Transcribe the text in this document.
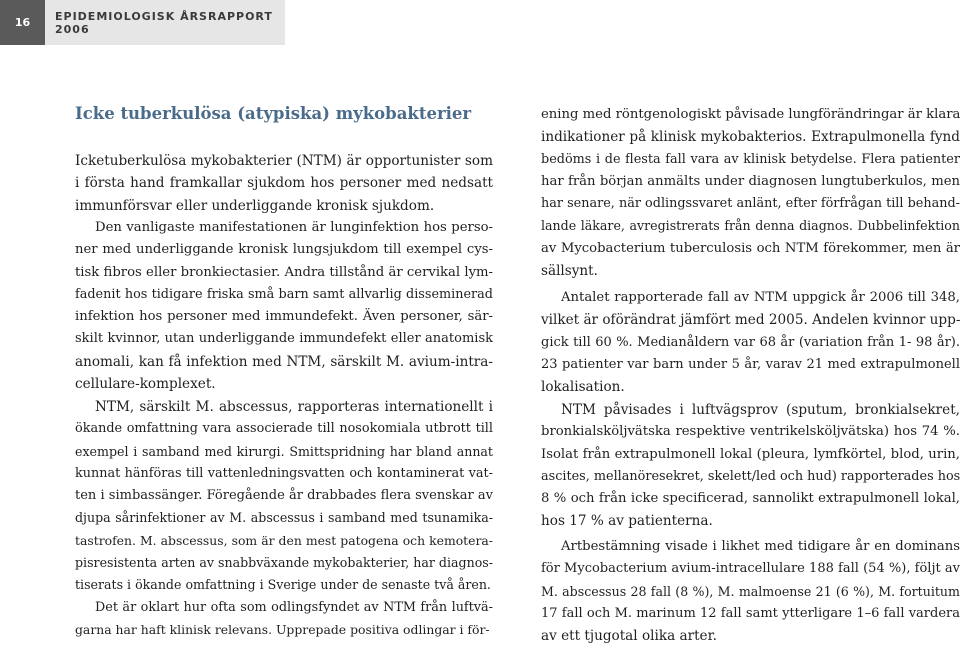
16	EPIDEMIOLOGISK ÅRSRAPPORT 2006
Icke tuberkulösa (atypiska) mykobakterier
Icketuberkulösa mykobakterier (NTM) är opportunister som
i första hand framkallar sjukdom hos personer med nedsatt
immunförsvar eller underliggande kronisk sjukdom.
Den vanligaste manifestationen är lunginfektion hos perso-
ner med underliggande kronisk lungsjukdom till exempel cys-
tisk fibros eller bronkiectasier. Andra tillstånd är cervikal lym-
fadenit hos tidigare friska små barn samt allvarlig disseminerad
infektion hos personer med immundefekt. Även personer, sär-
skilt kvinnor, utan underliggande immundefekt eller anatomisk
anomali, kan få infektion med NTM, särskilt M. avium-intra-
cellulare-komplexet.
NTM, särskilt M. abscessus, rapporteras internationellt i
ökande omfattning vara associerade till nosokomiala utbrott till
exempel i samband med kirurgi. Smittspridning har bland annat
kunnat hänföras till vattenledningsvatten och kontaminerat vat-
ten i simbassänger. Föregående år drabbades flera svenskar av
djupa sårinfektioner av M. abscessus i samband med tsunamika-
tastrofen. M. abscessus, som är den mest patogena och kemotera-
pisresistenta arten av snabbväxande mykobakterier, har diagnos-
tiserats i ökande omfattning i Sverige under de senaste två åren.
Det är oklart hur ofta som odlingsfyndet av NTM från luftvä-
garna har haft klinisk relevans. Upprepade positiva odlingar i för-
ening med röntgenologiskt påvisade lungförändringar är klara
indikationer på klinisk mykobakterios. Extrapulmonella fynd
bedöms i de flesta fall vara av klinisk betydelse. Flera patienter
har från början anmälts under diagnosen lungtuberkulos, men
har senare, när odlingssvaret anlänt, efter förfrågan till behand-
lande läkare, avregistrerats från denna diagnos. Dubbelinfektion
av Mycobacterium tuberculosis och NTM förekommer, men är
sällsynt.
Antalet rapporterade fall av NTM uppgick år 2006 till 348,
vilket är oförändrat jämfört med 2005. Andelen kvinnor upp-
gick till 60 %. Medianåldern var 68 år (variation från 1- 98 år).
23 patienter var barn under 5 år, varav 21 med extrapulmonell
lokalisation.
NTM påvisades i luftvägsprov (sputum, bronkialsekret,
bronkialsköljvätska respektive ventrikelsköljvätska) hos 74 %.
Isolat från extrapulmonell lokal (pleura, lymfkörtel, blod, urin,
ascites, mellanöresekret, skelett/led och hud) rapporterades hos
8 % och från icke specificerad, sannolikt extrapulmonell lokal,
hos 17 % av patienterna.
Artbestämning visade i likhet med tidigare år en dominans
för Mycobacterium avium-intracellulare 188 fall (54 %), följt av
M. abscessus 28 fall (8 %), M. malmoense 21 (6 %), M. fortuitum
17 fall och M. marinum 12 fall samt ytterligare 1–6 fall vardera
av ett tjugotal olika arter.
